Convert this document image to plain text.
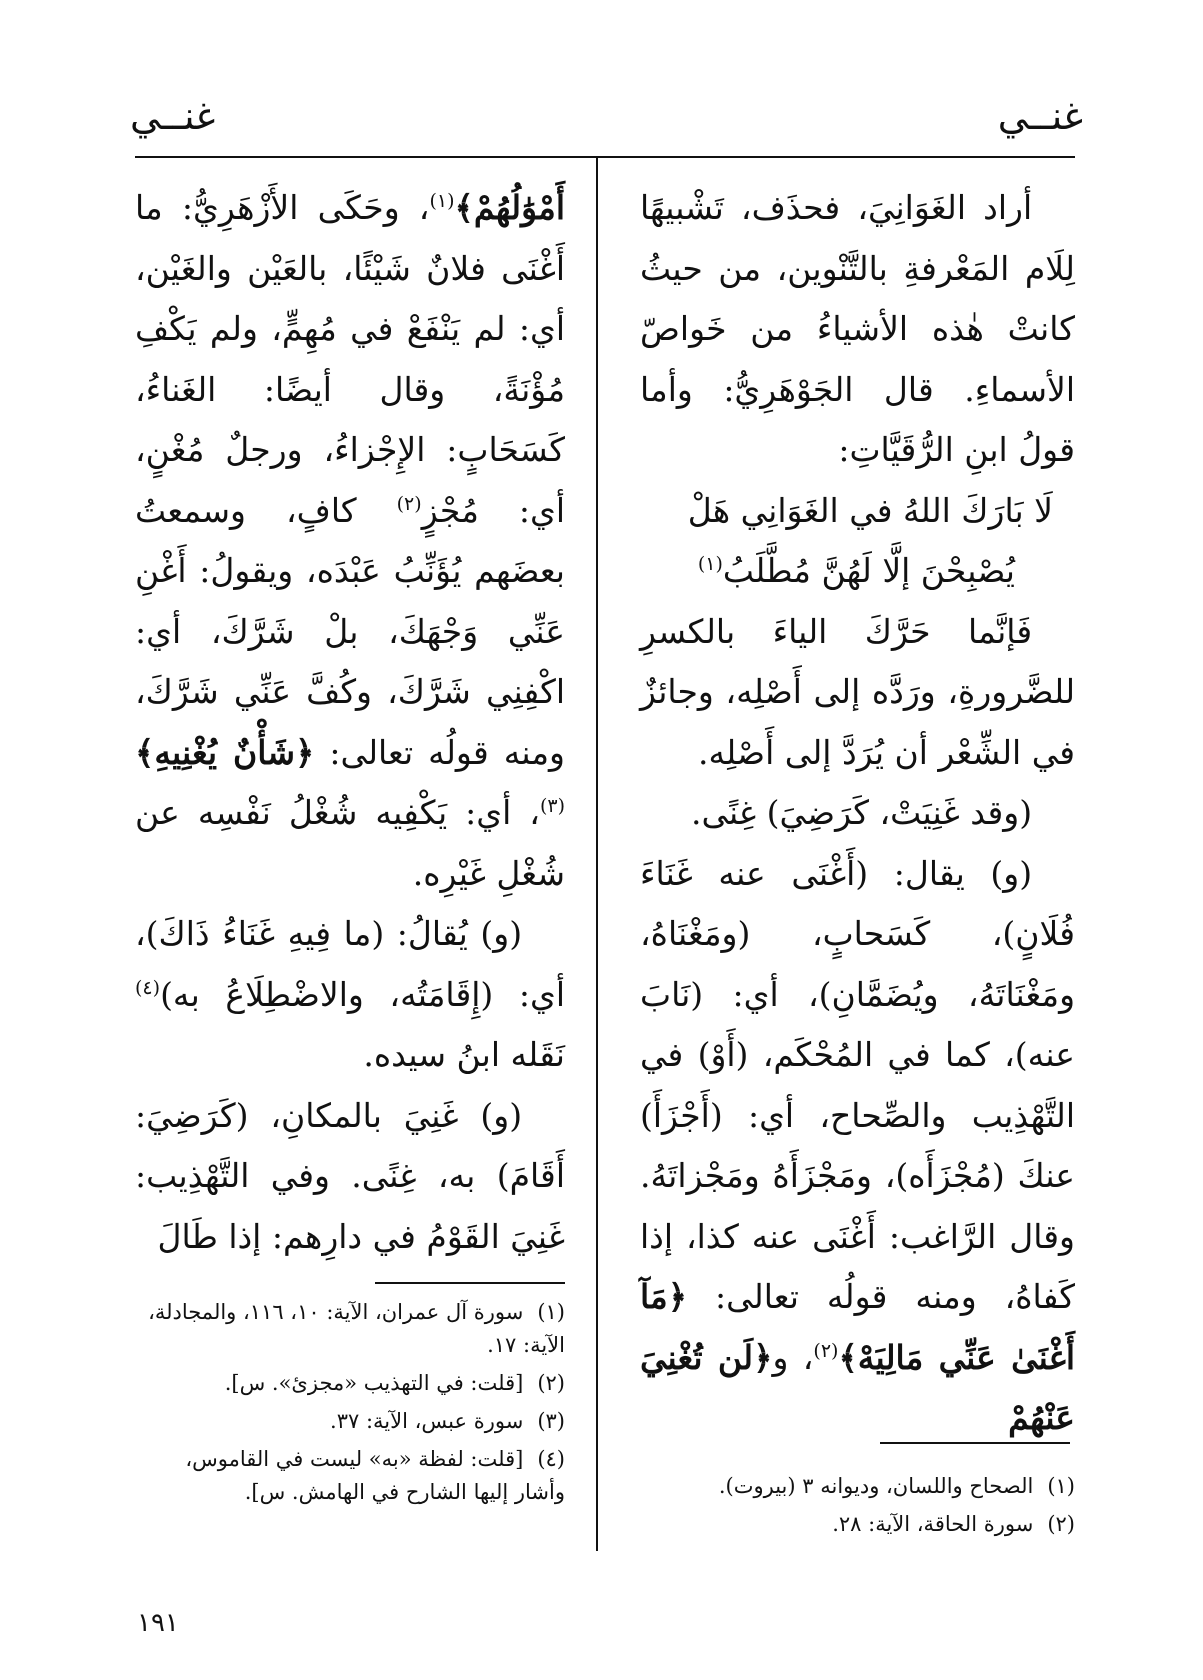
غنــي
غنــي

أراد الغَوَانِيَ، فحذَف، تَشْبيهًا لِلَام المَعْرفةِ بالتَّنْوين، من حيثُ كانتْ هٰذه الأشياءُ من خَواصّ الأسماءِ. قال الجَوْهَرِيُّ: وأما قولُ ابنِ الرُّقَيَّاتِ:

لَا بَارَكَ اللهُ في الغَوَانِي هَلْ

يُصْبِحْنَ إلَّا لَهُنَّ مُطَّلَبُ$^{(١)}$

فَإنَّما حَرَّكَ الياءَ بالكسرِ للضَّرورةِ، ورَدَّه إلى أَصْلِه، وجائزٌ في الشِّعْر أن يُرَدَّ إلى أَصْلِه.

(وقد غَنِيَتْ، كَرَضِيَ) غِنًى.

(و) يقال: (أَغْنَى عنه غَنَاءَ فُلَانٍ)، كَسَحابٍ، (ومَغْنَاهُ، ومَغْنَاتَهُ، ويُضَمَّانِ)، أي: (نَابَ عنه)، كما في المُحْكَم، (أَوْ) في التَّهْذِيب والصِّحاح، أي: (أَجْزَأَ) عنكَ (مُجْزَأَه)، ومَجْزَأَهُ ومَجْزاتَهُ. وقال الرَّاغب: أَغْنَى عنه كذا، إذا كَفاهُ، ومنه قولُه تعالى: ﴿مَآ أَغْنَىٰ عَنِّي مَالِيَهْ﴾$^{(٢)}$، و﴿لَن تُغْنِيَ عَنْهُمْ

(١)الصحاح واللسان، وديوانه ٣ (بيروت).

(٢)سورة الحاقة، الآية: ٢٨.

أَمْوَٰلُهُمْ﴾$^{(١)}$، وحَكَى الأَزْهَرِيُّ: ما أَغْنَى فلانٌ شَيْئًا، بالعَيْن والغَيْن، أي: لم يَنْفَعْ في مُهِمٍّ، ولم يَكْفِ مُؤْنَةً، وقال أيضًا: الغَناءُ، كَسَحَابٍ: الإِجْزاءُ، ورجلٌ مُغْنٍ، أي: مُجْزٍ$^{(٢)}$ كافٍ، وسمعتُ بعضَهم يُؤَنِّبُ عَبْدَه، ويقولُ: أَغْنِ عَنِّي وَجْهَكَ، بلْ شَرَّكَ، أي: اكْفِنِي شَرَّكَ، وكُفَّ عَنِّي شَرَّكَ، ومنه قولُه تعالى: ﴿شَأْنٌ يُغْنِيهِ﴾$^{(٣)}$، أي: يَكْفِيه شُغْلُ نَفْسِه عن شُغْلِ غَيْرِه.

(و) يُقالُ: (ما فِيهِ غَنَاءُ ذَاكَ)، أي: (إِقَامَتُه، والاضْطِلَاعُ به)$^{(٤)}$ نَقَله ابنُ سيده.

(و) غَنِيَ بالمكانِ، (كَرَضِيَ: أَقَامَ) به، غِنًى. وفي التَّهْذِيب: غَنِيَ القَوْمُ في دارِهم: إذا طَالَ

(١)سورة آل عمران، الآية: ١٠، ١١٦، والمجادلة، الآية: ١٧.

(٢)[قلت: في التهذيب «مجزئ». س].

(٣)سورة عبس، الآية: ٣٧.

(٤)[قلت: لفظة «به» ليست في القاموس، وأشار إليها الشارح في الهامش. س].

١٩١
